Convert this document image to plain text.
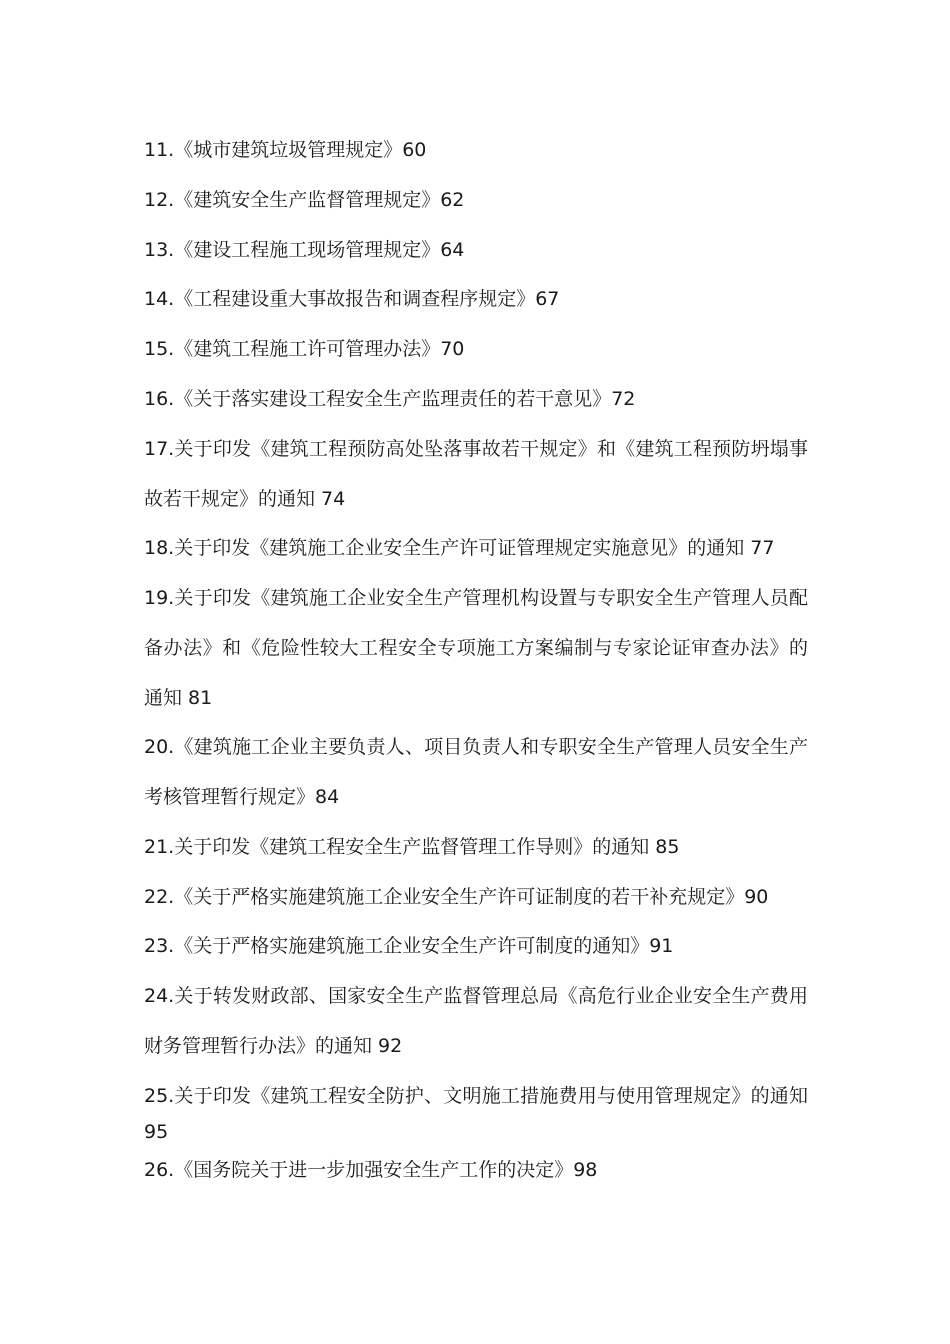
11.《城市建筑垃圾管理规定》60
12.《建筑安全生产监督管理规定》62
13.《建设工程施工现场管理规定》64
14.《工程建设重大事故报告和调查程序规定》67
15.《建筑工程施工许可管理办法》70
16.《关于落实建设工程安全生产监理责任的若干意见》72
17.关于印发《建筑工程预防高处坠落事故若干规定》和《建筑工程预防坍塌事
故若干规定》的通知 74
18.关于印发《建筑施工企业安全生产许可证管理规定实施意见》的通知 77
19.关于印发《建筑施工企业安全生产管理机构设置与专职安全生产管理人员配
备办法》和《危险性较大工程安全专项施工方案编制与专家论证审查办法》的
通知 81
20.《建筑施工企业主要负责人、项目负责人和专职安全生产管理人员安全生产
考核管理暂行规定》84
21.关于印发《建筑工程安全生产监督管理工作导则》的通知 85
22.《关于严格实施建筑施工企业安全生产许可证制度的若干补充规定》90
23.《关于严格实施建筑施工企业安全生产许可制度的通知》91
24.关于转发财政部、国家安全生产监督管理总局《高危行业企业安全生产费用
财务管理暂行办法》的通知 92
25.关于印发《建筑工程安全防护、文明施工措施费用与使用管理规定》的通知
95
26.《国务院关于进一步加强安全生产工作的决定》98
